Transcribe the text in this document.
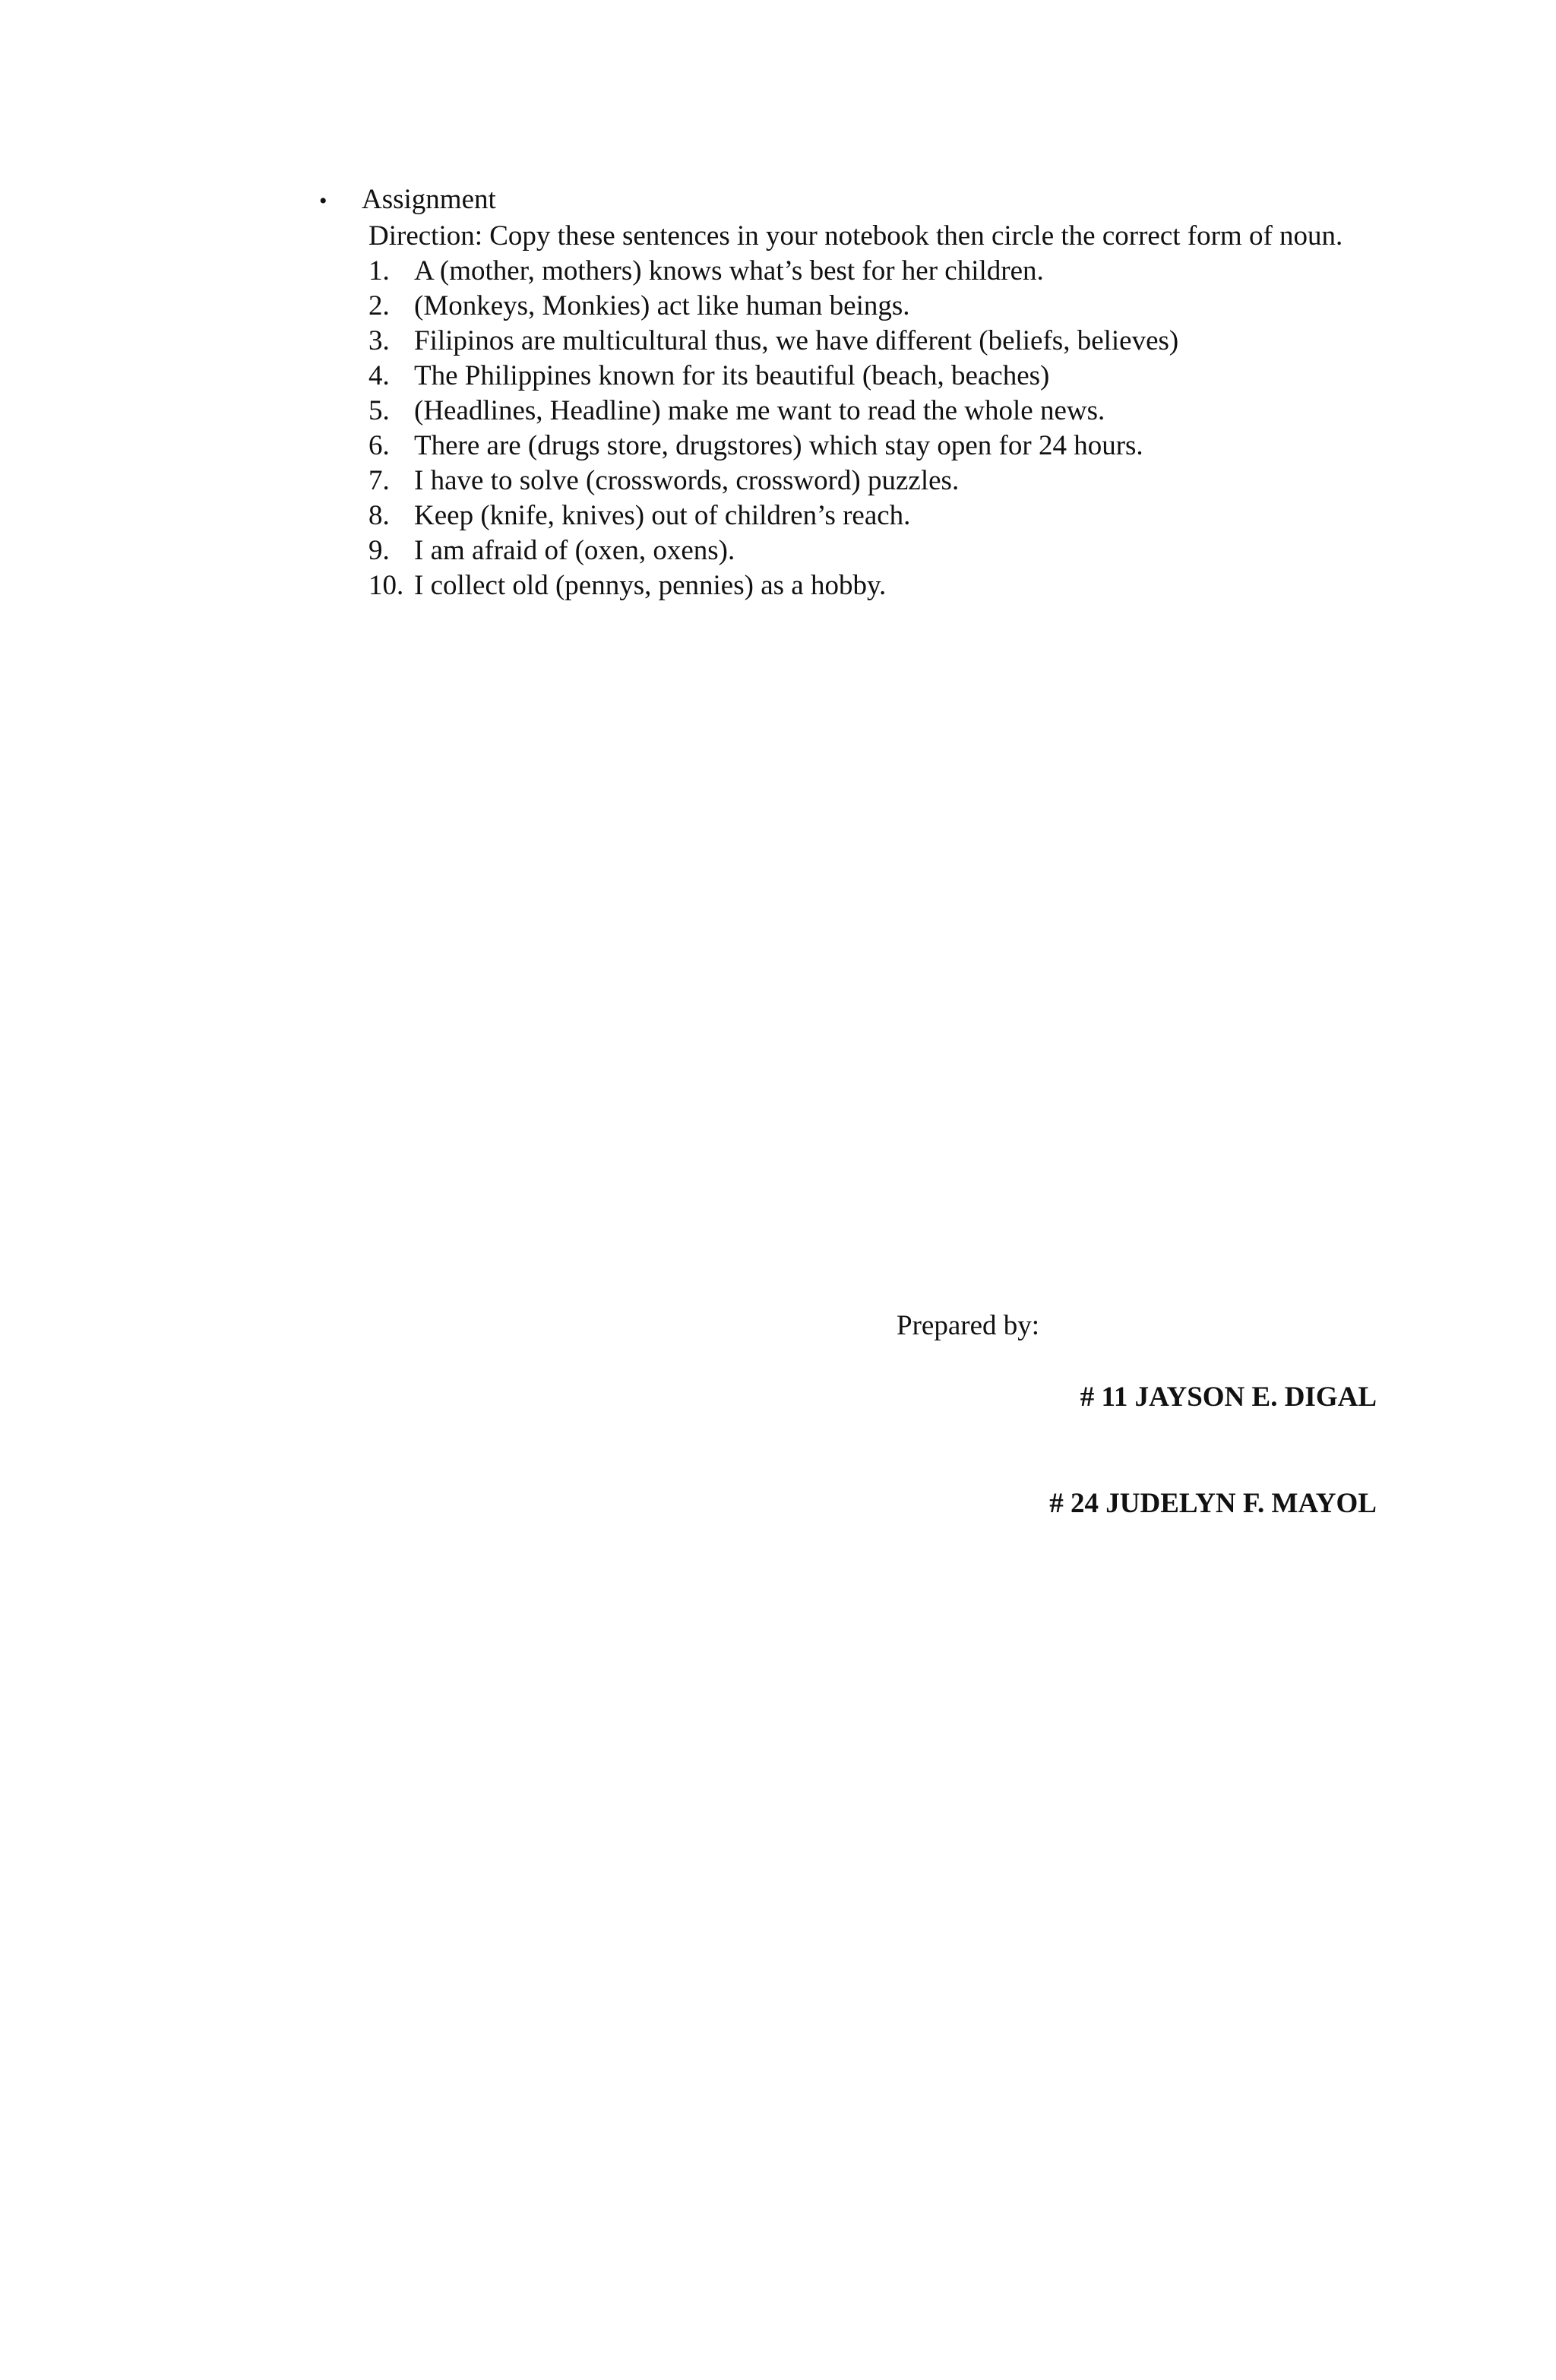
•	Assignment
Direction: Copy these sentences in your notebook then circle the correct form of noun.
1. A (mother, mothers) knows what’s best for her children.
2. (Monkeys, Monkies) act like human beings.
3. Filipinos are multicultural thus, we have different (beliefs, believes)
4. The Philippines known for its beautiful (beach, beaches)
5. (Headlines, Headline) make me want to read the whole news.
6. There are (drugs store, drugstores) which stay open for 24 hours.
7. I have to solve (crosswords, crossword) puzzles.
8. Keep (knife, knives) out of children’s reach.
9. I am afraid of (oxen, oxens).
10. I collect old (pennys, pennies) as a hobby.
Prepared by:
# 11 JAYSON E. DIGAL
# 24 JUDELYN F. MAYOL
